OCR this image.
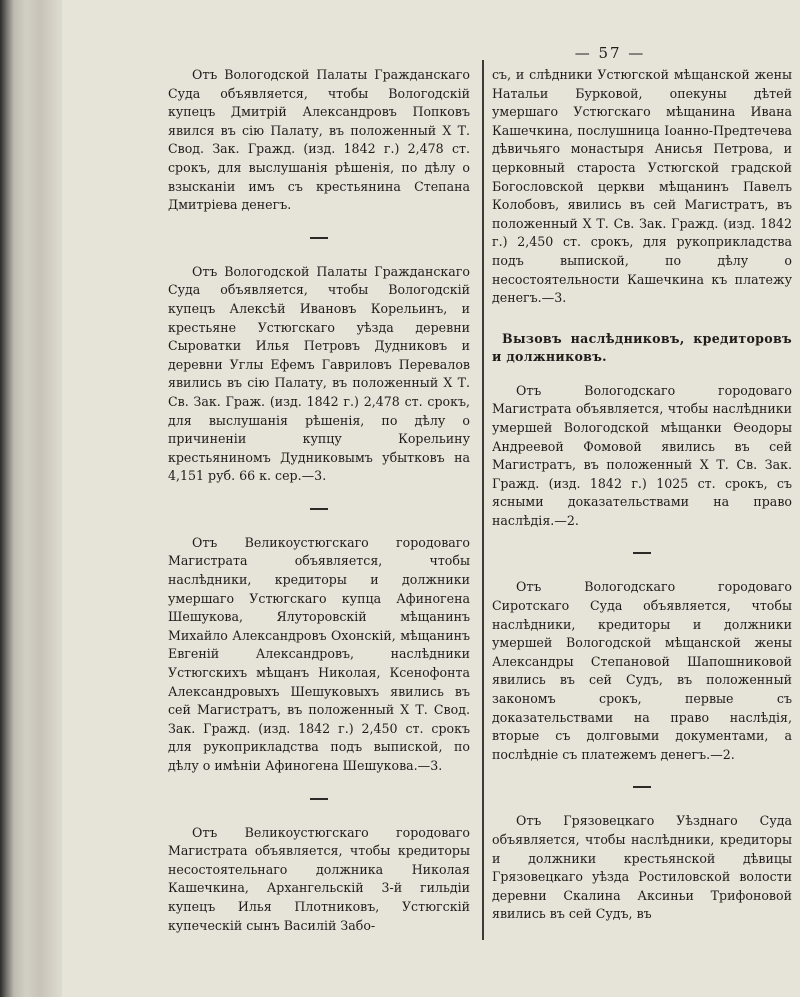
— 57 —

Отъ Вологодской Палаты Гражданскаго Суда объявляется, чтобы Вологодскій купецъ Дмитрій Александровъ Попковъ явился въ сію Палату, въ положенный X Т. Свод. Зак. Гражд. (изд. 1842 г.) 2,478 ст. срокъ, для выслушанія рѣшенія, по дѣлу о взысканіи имъ съ крестьянина Степана Дмитріева денегъ.

Отъ Вологодской Палаты Гражданскаго Суда объявляется, чтобы Вологодскій купецъ Алексѣй Ивановъ Корельинъ, и крестьяне Устюгскаго уѣзда деревни Сыроватки Илья Петровъ Дудниковъ и деревни Углы Ефемъ Гавриловъ Перевалов явились въ сію Палату, въ положенный X Т. Св. Зак. Граж. (изд. 1842 г.) 2,478 ст. срокъ, для выслушанія рѣшенія, по дѣлу о причиненіи купцу Корельину крестьяниномъ Дудниковымъ убытковъ на 4,151 руб. 66 к. сер.—3.

Отъ Великоустюгскаго городоваго Магистрата объявляется, чтобы наслѣдники, кредиторы и должники умершаго Устюгскаго купца Афиногена Шешукова, Ялуторовскій мѣщанинъ Михайло Александровъ Охонскій, мѣщанинъ Евгеній Александровъ, наслѣдники Устюгскихъ мѣщанъ Николая, Ксенофонта Александровыхъ Шешуковыхъ явились въ сей Магистратъ, въ положенный X Т. Свод. Зак. Гражд. (изд. 1842 г.) 2,450 ст. срокъ для рукоприкладства подъ выпиской, по дѣлу о имѣніи Афиногена Шешукова.—3.

Отъ Великоустюгскаго городоваго Магистрата объявляется, чтобы кредиторы несостоятельнаго должника Николая Кашечкина, Архангельскій 3-й гильдіи купецъ Илья Плотниковъ, Устюгскій купеческій сынъ Василій Забо-

съ, и слѣдники Устюгской мѣщанской жены Натальи Бурковой, опекуны дѣтей умершаго Устюгскаго мѣщанина Ивана Кашечкина, послушница Іоанно-Предтечева дѣвичьяго монастыря Анисья Петрова, и церковный староста Устюгской градской Богословской церкви мѣщанинъ Павелъ Колобовъ, явились въ сей Магистратъ, въ положенный X Т. Св. Зак. Гражд. (изд. 1842 г.) 2,450 ст. срокъ, для рукоприкладства подъ выпиской, по дѣлу о несостоятельности Кашечкина къ платежу денегъ.—3.

Вызовъ наслѣдниковъ, кредиторовъ и должниковъ.

Отъ Вологодскаго городоваго Магистрата объявляется, чтобы наслѣдники умершей Вологодской мѣщанки Ѳеодоры Андреевой Фомовой явились въ сей Магистратъ, въ положенный X Т. Св. Зак. Гражд. (изд. 1842 г.) 1025 ст. срокъ, съ ясными доказательствами на право наслѣдія.—2.

Отъ Вологодскаго городоваго Сиротскаго Суда объявляется, чтобы наслѣдники, кредиторы и должники умершей Вологодской мѣщанской жены Александры Степановой Шапошниковой явились въ сей Судъ, въ положенный закономъ срокъ, первые съ доказательствами на право наслѣдія, вторые съ долговыми документами, а послѣдніе съ платежемъ денегъ.—2.

Отъ Грязовецкаго Уѣзднаго Суда объявляется, чтобы наслѣдники, кредиторы и должники крестьянской дѣвицы Грязовецкаго уѣзда Ростиловской волости деревни Скалина Аксиньи Трифоновой явились въ сей Судъ, въ
